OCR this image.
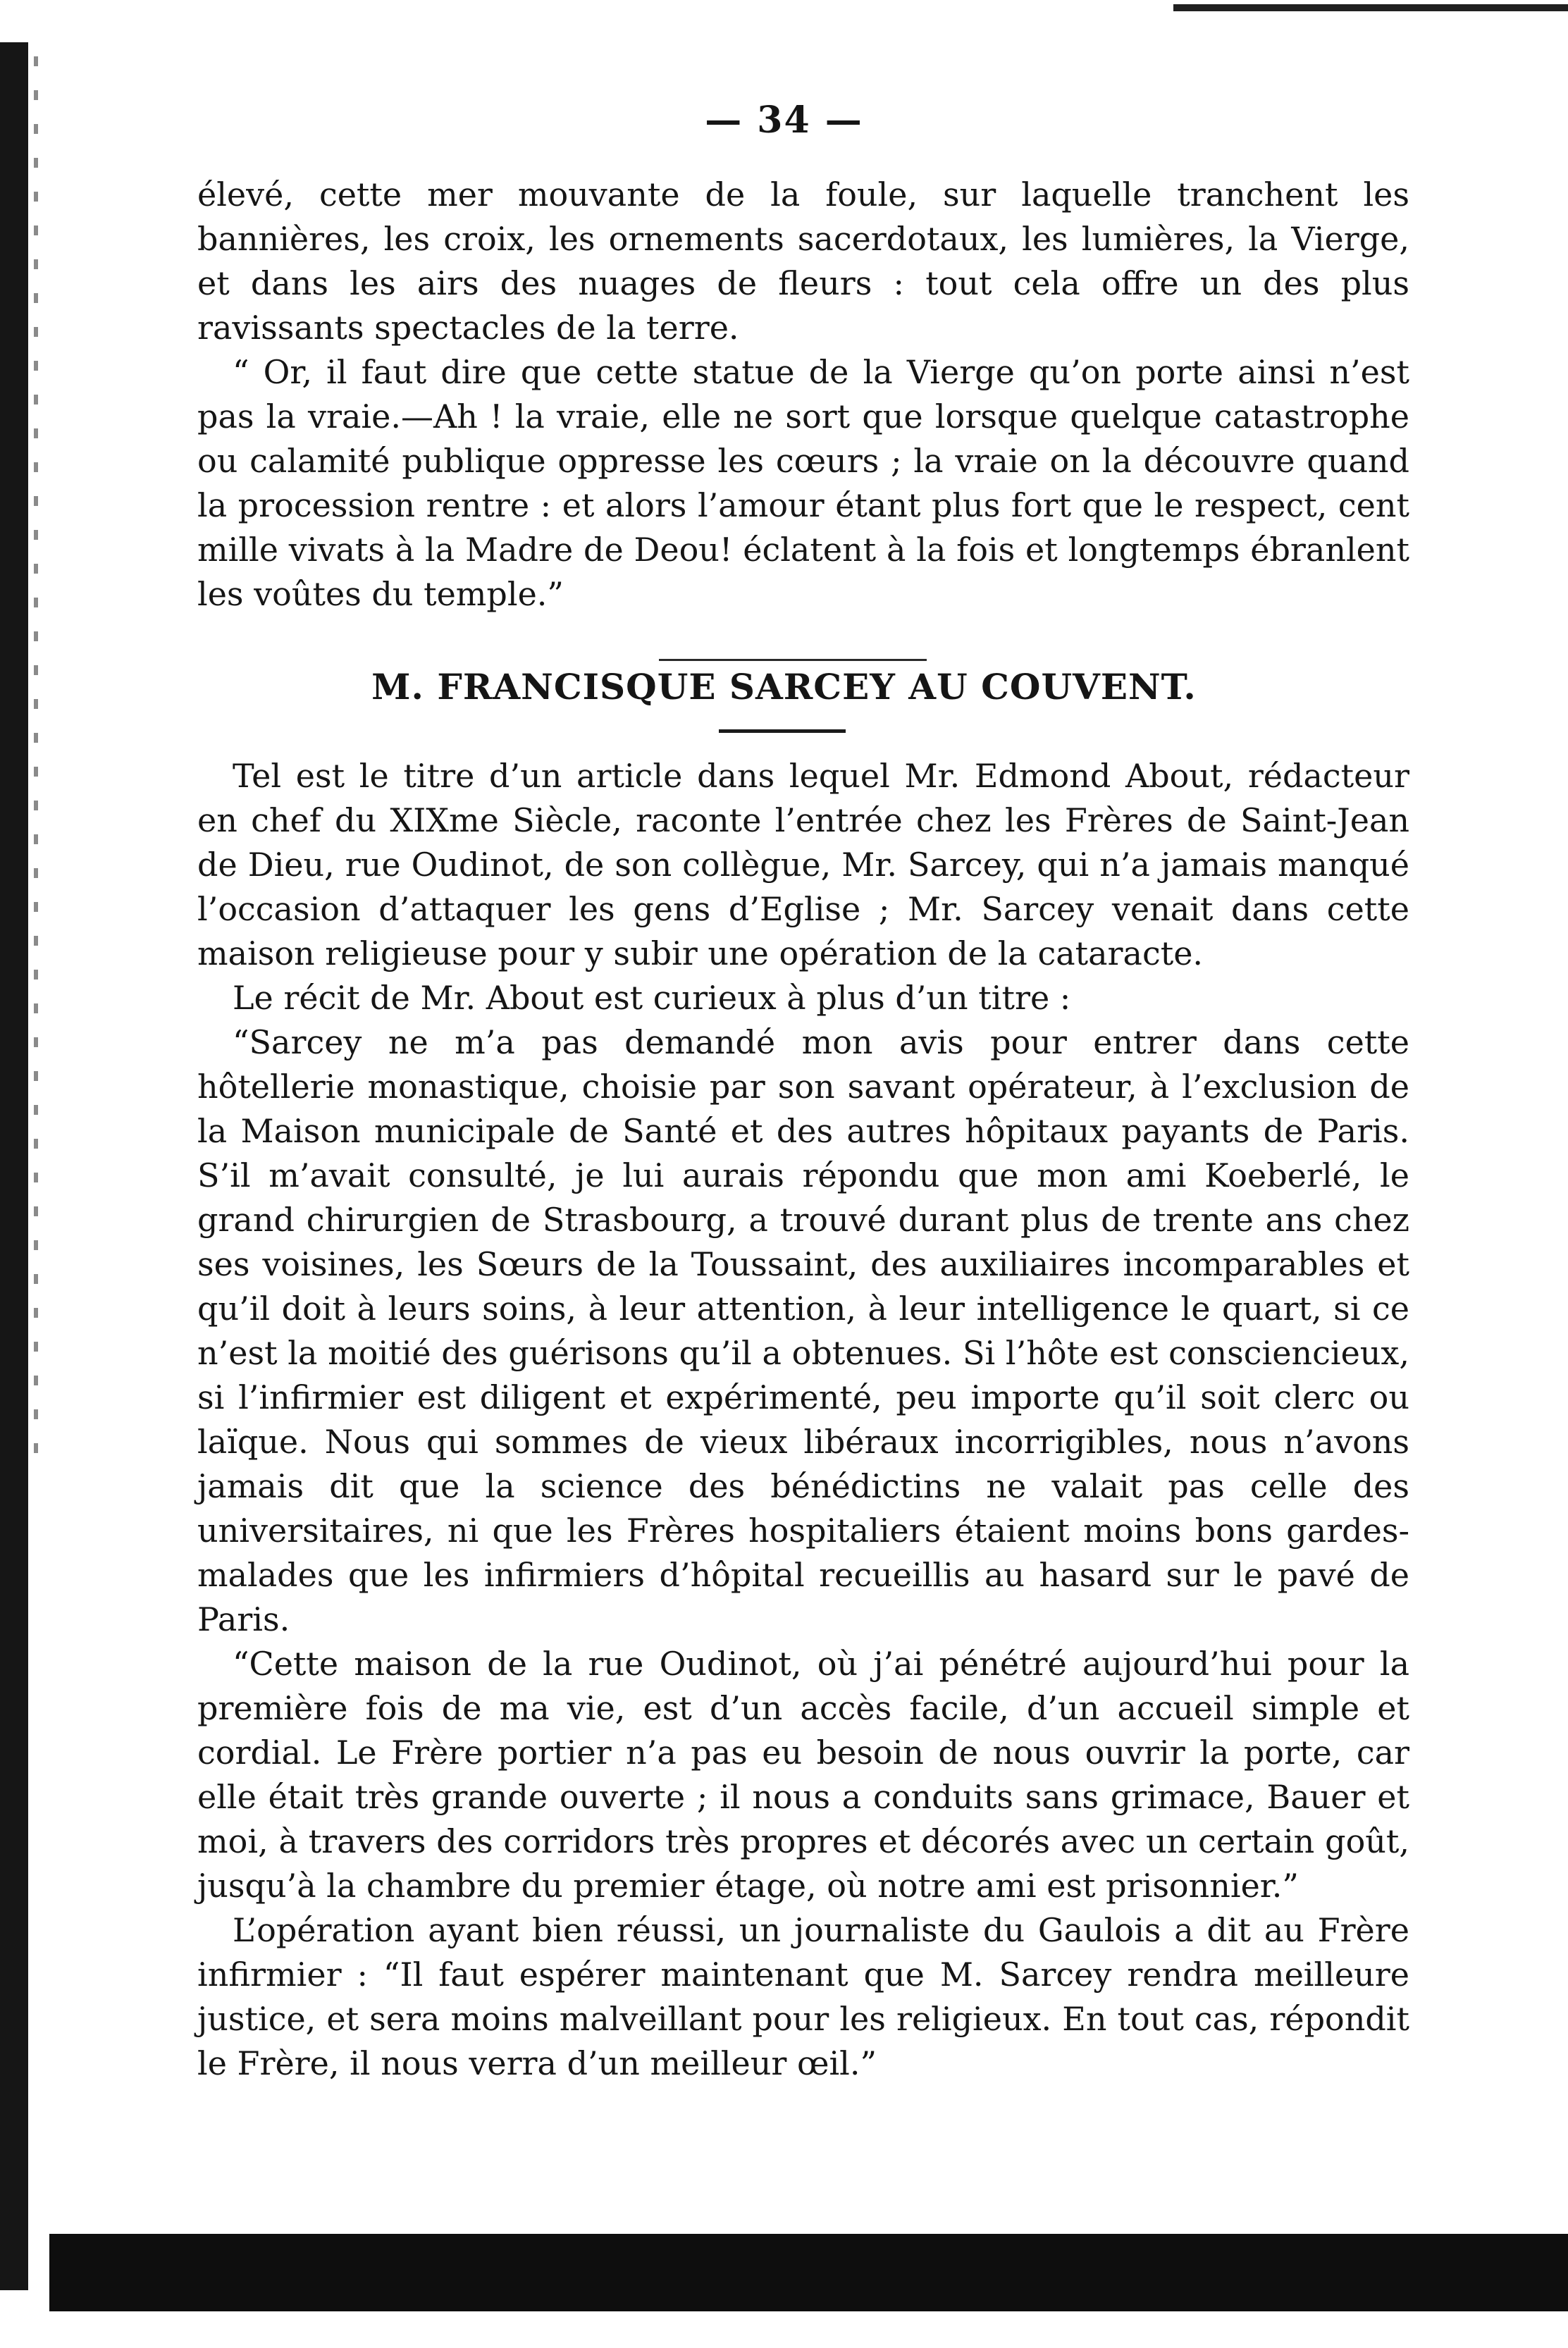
— 34 —

élevé, cette mer mouvante de la foule, sur laquelle tranchent les bannières, les croix, les ornements sacerdotaux, les lumières, la Vierge, et dans les airs des nuages de fleurs : tout cela offre un des plus ravissants spectacles de la terre.

“ Or, il faut dire que cette statue de la Vierge qu’on porte ainsi n’est pas la vraie.—Ah ! la vraie, elle ne sort que lorsque quelque catastrophe ou calamité publique oppresse les cœurs ; la vraie on la découvre quand la procession rentre : et alors l’amour étant plus fort que le respect, cent mille vivats à la Madre de Deou! éclatent à la fois et longtemps ébranlent les voûtes du temple.”

M. FRANCISQUE SARCEY AU COUVENT.

Tel est le titre d’un article dans lequel Mr. Edmond About, rédacteur en chef du XIXme Siècle, raconte l’entrée chez les Frères de Saint-Jean de Dieu, rue Oudinot, de son collègue, Mr. Sarcey, qui n’a jamais manqué l’occasion d’attaquer les gens d’Eglise ; Mr. Sarcey venait dans cette maison religieuse pour y subir une opération de la cataracte.

Le récit de Mr. About est curieux à plus d’un titre :

“Sarcey ne m’a pas demandé mon avis pour entrer dans cette hôtellerie monastique, choisie par son savant opérateur, à l’exclusion de la Maison municipale de Santé et des autres hôpitaux payants de Paris. S’il m’avait consulté, je lui aurais répondu que mon ami Koeberlé, le grand chirurgien de Strasbourg, a trouvé durant plus de trente ans chez ses voisines, les Sœurs de la Toussaint, des auxiliaires incomparables et qu’il doit à leurs soins, à leur attention, à leur intelligence le quart, si ce n’est la moitié des guérisons qu’il a obtenues. Si l’hôte est consciencieux, si l’infirmier est diligent et expérimenté, peu importe qu’il soit clerc ou laïque. Nous qui sommes de vieux libéraux incorrigibles, nous n’avons jamais dit que la science des bénédictins ne valait pas celle des universitaires, ni que les Frères hospitaliers étaient moins bons gardes-malades que les infirmiers d’hôpital recueillis au hasard sur le pavé de Paris.

“Cette maison de la rue Oudinot, où j’ai pénétré aujourd’hui pour la première fois de ma vie, est d’un accès facile, d’un accueil simple et cordial. Le Frère portier n’a pas eu besoin de nous ouvrir la porte, car elle était très grande ouverte ; il nous a conduits sans grimace, Bauer et moi, à travers des corridors très propres et décorés avec un certain goût, jusqu’à la chambre du premier étage, où notre ami est prisonnier.”

L’opération ayant bien réussi, un journaliste du Gaulois a dit au Frère infirmier : “Il faut espérer maintenant que M. Sarcey rendra meilleure justice, et sera moins malveillant pour les religieux. En tout cas, répondit le Frère, il nous verra d’un meilleur œil.”
